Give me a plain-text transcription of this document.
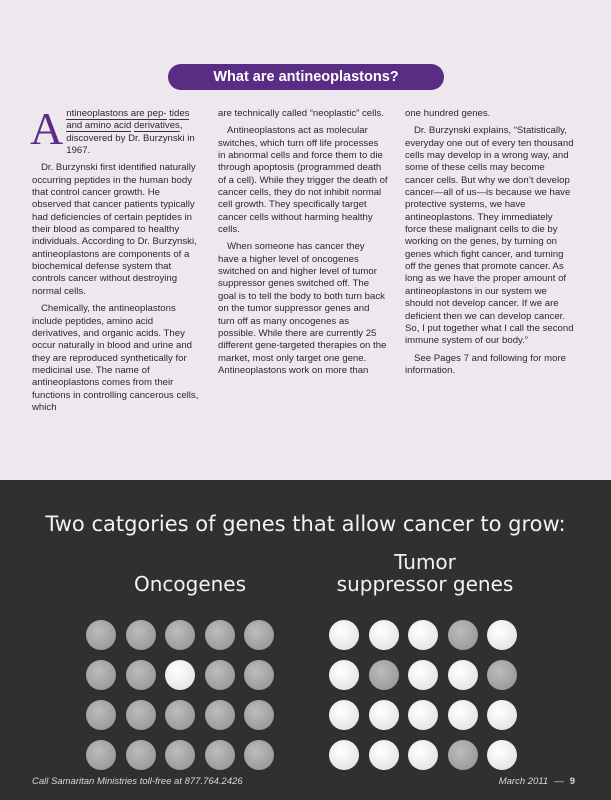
What are antineoplastons?

Antineoplastons are pep- tides and amino acid derivatives, discovered by Dr. Burzynski in 1967.

Dr. Burzynski first identified naturally occurring peptides in the human body that control cancer growth. He observed that cancer patients typically had deficiencies of certain peptides in their blood as compared to healthy individuals. According to Dr. Burzynski, antineoplastons are components of a biochemical defense system that controls cancer without destroying normal cells.

Chemically, the antineoplastons include peptides, amino acid derivatives, and organic acids. They occur naturally in blood and urine and they are reproduced synthetically for medicinal use. The name of antineoplastons comes from their functions in controlling cancerous cells, which

are technically called “neoplastic” cells.

Antineoplastons act as molecular switches, which turn off life processes in abnormal cells and force them to die through apoptosis (programmed death of a cell). While they trigger the death of cancer cells, they do not inhibit normal cell growth. They specifically target cancer cells without harming healthy cells.

When someone has cancer they have a higher level of oncogenes switched on and higher level of tumor suppressor genes switched off. The goal is to tell the body to both turn back on the tumor suppressor genes and turn off as many oncogenes as possible. While there are currently 25 different gene-targeted therapies on the market, most only target one gene. Antineoplastons work on more than

one hundred genes.

Dr. Burzynski explains, “Statistically, everyday one out of every ten thousand cells may develop in a wrong way, and some of these cells may become cancer cells. But why we don’t develop cancer—all of us—is because we have protective systems, we have antineoplastons. They immediately force these malignant cells to die by working on the genes, by turning on genes which fight cancer, and turning off the genes that promote cancer. As long as we have the proper amount of antineoplastons in our system we should not develop cancer. If we are deficient then we can develop cancer. So, I put together what I call the second immune system of our body.”

See Pages 7 and following for more information.

Two catgories of genes that allow cancer to grow:
Oncogenes
Tumor
suppressor genes
Call Samaritan Ministries toll-free at 877.764.2426	March 2011 — 9
